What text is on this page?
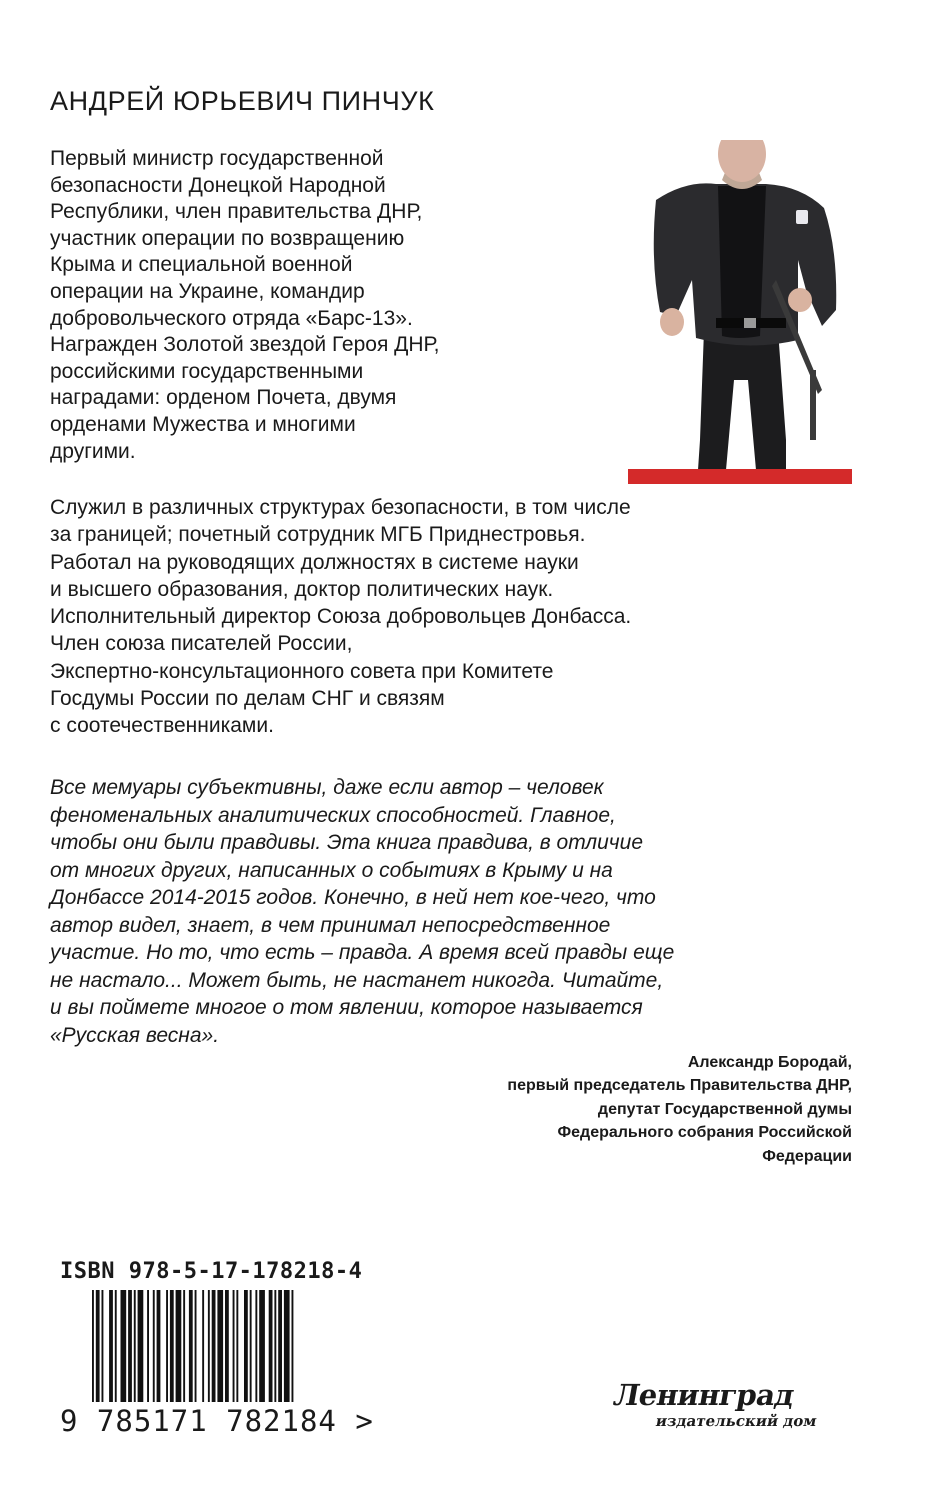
АНДРЕЙ ЮРЬЕВИЧ ПИНЧУК
Первый министр государственной
безопасности Донецкой Народной
Республики, член правительства ДНР,
участник операции по возвращению
Крыма и специальной военной
операции на Украине, командир
добровольческого отряда «Барс-13».
Награжден Золотой звездой Героя ДНР,
российскими государственными
наградами: орденом Почета, двумя
орденами Мужества и многими
другими.
Служил в различных структурах безопасности, в том числе
за границей; почетный сотрудник МГБ Приднестровья.
Работал на руководящих должностях в системе науки
и высшего образования, доктор политических наук.
Исполнительный директор Союза добровольцев Донбасса.
Член союза писателей России,
Экспертно-консультационного совета при Комитете
Госдумы России по делам СНГ и связям
с соотечественниками.
Все мемуары субъективны, даже если автор – человек
феноменальных аналитических способностей. Главное,
чтобы они были правдивы. Эта книга правдива, в отличие
от многих других, написанных о событиях в Крыму и на
Донбассе 2014-2015 годов. Конечно, в ней нет кое-чего, что
автор видел, знает, в чем принимал непосредственное
участие. Но то, что есть – правда. А время всей правды еще
не настало... Может быть, не настанет никогда. Читайте,
и вы поймете многое о том явлении, которое называется
«Русская весна».
Александр Бородай,
первый председатель Правительства ДНР,
депутат Государственной думы
Федерального собрания Российской
Федерации
ISBN 978-5-17-178218-4
9 785171 782184 >
Ленинград
издательский дом
